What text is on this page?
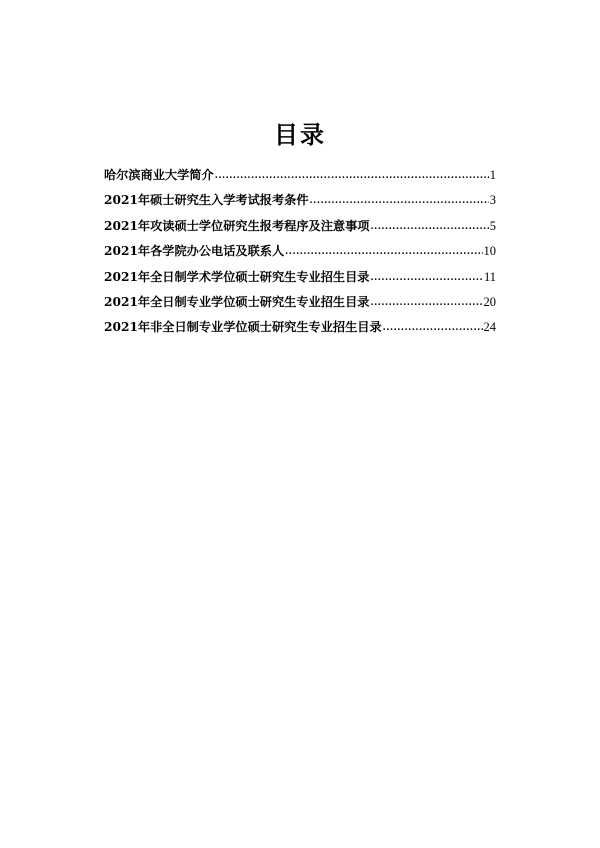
目录
哈尔滨商业大学简介 .....	1
2021年硕士研究生入学考试报考条件 .....	3
2021年攻读硕士学位研究生报考程序及注意事项 .....	5
2021年各学院办公电话及联系人 .....	10
2021年全日制学术学位硕士研究生专业招生目录 .....	11
2021年全日制专业学位硕士研究生专业招生目录 .....	20
2021年非全日制专业学位硕士研究生专业招生目录 .....	24
